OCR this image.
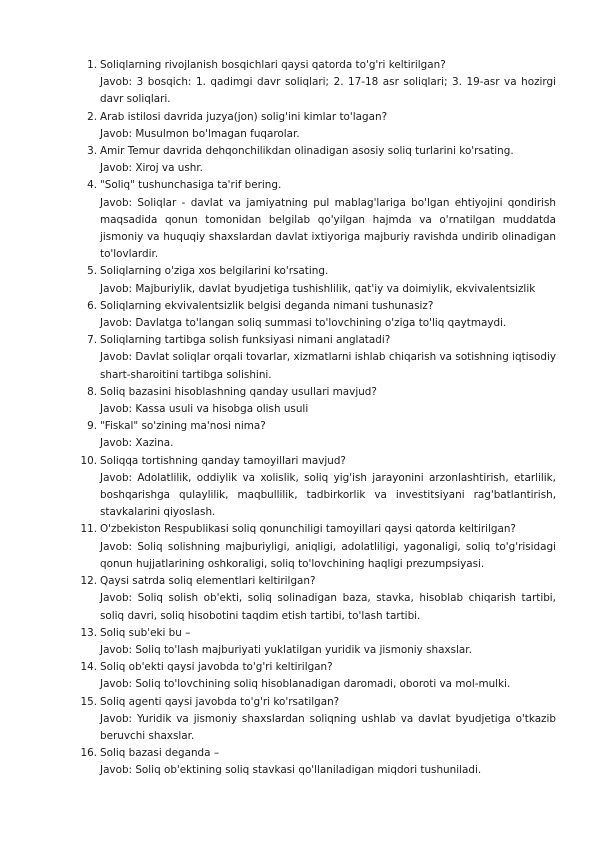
1. Soliqlarning rivojlanish bosqichlari qaysi qatorda to'g'ri keltirilgan?
Javob: 3 bosqich: 1. qadimgi davr soliqlari; 2. 17-18 asr soliqlari; 3. 19-asr va hozirgi davr soliqlari.
2. Arab istilosi davrida juzya(jon) solig'ini kimlar to'lagan?
Javob: Musulmon bo'lmagan fuqarolar.
3. Amir Temur davrida dehqonchilikdan olinadigan asosiy soliq turlarini ko'rsating.
Javob: Xiroj va ushr.
4. "Soliq" tushunchasiga ta'rif bering.
Javob: Soliqlar - davlat va jamiyatning pul mablag'lariga bo'lgan ehtiyojini qondirish maqsadida qonun tomonidan belgilab qo'yilgan hajmda va o'rnatilgan muddatda jismoniy va huquqiy shaxslardan davlat ixtiyoriga majburiy ravishda undirib olinadigan to'lovlardir.
5. Soliqlarning o'ziga xos belgilarini ko'rsating.
Javob: Majburiylik, davlat byudjetiga tushishlilik, qat'iy va doimiylik, ekvivalentsizlik
6. Soliqlarning ekvivalentsizlik belgisi deganda nimani tushunasiz?
Javob: Davlatga to'langan soliq summasi to'lovchining o'ziga to'liq qaytmaydi.
7. Soliqlarning tartibga solish funksiyasi nimani anglatadi?
Javob: Davlat soliqlar orqali tovarlar, xizmatlarni ishlab chiqarish va sotishning iqtisodiy shart-sharoitini tartibga solishini.
8. Soliq bazasini hisoblashning qanday usullari mavjud?
Javob: Kassa usuli va hisobga olish usuli
9. "Fiskal" so'zining ma'nosi nima?
Javob: Xazina.
10. Soliqqa tortishning qanday tamoyillari mavjud?
Javob: Adolatlilik, oddiylik va xolislik, soliq yig'ish jarayonini arzonlashtirish, etarlilik, boshqarishga qulaylilik, maqbullilik, tadbirkorlik va investitsiyani rag'batlantirish, stavkalarini qiyoslash.
11. O'zbekiston Respublikasi soliq qonunchiligi tamoyillari qaysi qatorda keltirilgan?
Javob: Soliq solishning majburiyligi, aniqligi, adolatliligi, yagonaligi, soliq to'g'risidagi qonun hujjatlarining oshkoraligi, soliq to'lovchining haqligi prezumpsiyasi.
12. Qaysi satrda soliq elementlari keltirilgan?
Javob: Soliq solish ob'ekti, soliq solinadigan baza, stavka, hisoblab chiqarish tartibi, soliq davri, soliq hisobotini taqdim etish tartibi, to'lash tartibi.
13. Soliq sub'eki bu –
Javob: Soliq to'lash majburiyati yuklatilgan yuridik va jismoniy shaxslar.
14. Soliq ob'ekti qaysi javobda to'g'ri keltirilgan?
Javob: Soliq to'lovchining soliq hisoblanadigan daromadi, oboroti va mol-mulki.
15. Soliq agenti qaysi javobda to'g'ri ko'rsatilgan?
Javob: Yuridik va jismoniy shaxslardan soliqning ushlab va davlat byudjetiga o'tkazib beruvchi shaxslar.
16. Soliq bazasi deganda –
Javob: Soliq ob'ektining soliq stavkasi qo'llaniladigan miqdori tushuniladi.
